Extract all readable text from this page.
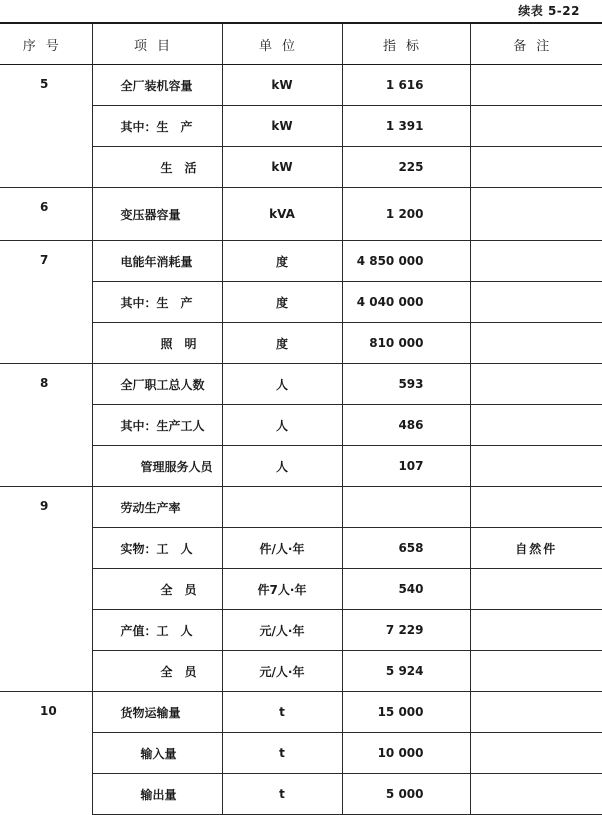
续表 5-22
序号	项目	单位	指标	备注
5	全厂装机容量	kW	1 616	
	其中：生　产	kW	1 391	
	生　活	kW	225	
6	变压器容量	kVA	1 200	
7	电能年消耗量	度	4 850 000	
	其中：生　产	度	4 040 000	
	照　明	度	810 000	
8	全厂职工总人数	人	593	
	其中：生产工人	人	486	
	管理服务人员	人	107	
9	劳动生产率			
	实物：工　人	件/人·年	658	自然件
	全　员	件7人·年	540	
	产值：工　人	元/人·年	7 229	
	全　员	元/人·年	5 924	
10	货物运输量	t	15 000	
	输入量	t	10 000	
	输出量	t	5 000	
